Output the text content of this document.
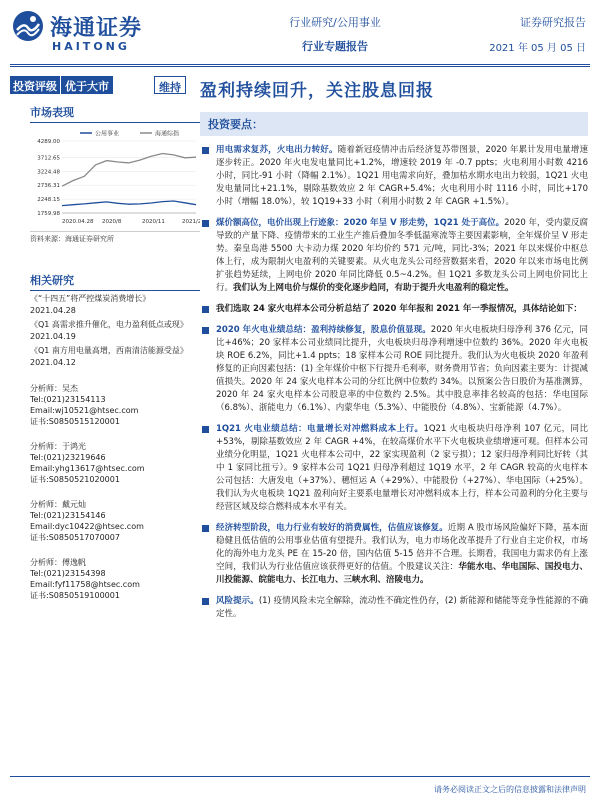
海通证券
HAITONG
行业研究/公用事业
行业专题报告
证券研究报告
2021 年 05 月 05 日
投资评级 优于大市	维持 盈利持续回升，关注股息回报
市场表现
公用事业	海通综指
4289.00
3712.65
3224.48
2736.31
2248.15
1759.98
2020.04.28 2020/8	2020/11	2021/2
资料来源：海通证券研究所
相关研究
《“十四五”将严控煤炭消费增长》
2021.04.28
《Q1 高需求推升催化，电力盈利低点或现》
2021.04.19
《Q1 南方用电量高增，西南清洁能源受益》
2021.04.12
分析师：吴杰
Tel:(021)23154113
Email:wj10521@htsec.com
证书:S0850515120001
分析师：于鸿光
Tel:(021)23219646
Email:yhg13617@htsec.com
证书:S0850521020001
分析师：戴元灿
Tel:(021)23154146
Email:dyc10422@htsec.com
证书:S0850517070007
分析师：傅逸帆
Tel:(021)23154398
Email:fyf11758@htsec.com
证书:S0850519100001
投资要点：
用电需求复苏，火电出力转好。随着新冠疫情冲击后经济复苏带图景，2020 年累计发用电量增速逐步转正。2020 年火电发电量同比+1.2%，增速较 2019 年 -0.7 ppts；火电利用小时数 4216 小时，同比-91 小时（降幅 2.1%）。1Q21 用电需求向好，叠加枯水期水电出力较弱，1Q21 火电发电量同比+21.1%，剔除基数效应 2 年 CAGR+5.4%；火电利用小时 1116 小时，同比+170 小时（增幅 18.0%），较 1Q19+33 小时（利用小时数 2 年 CAGR +1.5%）。
煤价额高位，电价出现上行迹象：2020 年呈 V 形走势，1Q21 处于高位。2020 年，受内蒙反腐导致的产量下降、疫情带来的工业生产推后叠加冬季低温寒流等主要因素影响，全年煤价呈 V 形走势。秦皇岛港 5500 大卡动力煤 2020 年均价约 571 元/吨，同比-3%；2021 年以来煤价中枢总体上行，成为限制火电盈利的关键要素。从火电龙头公司经营数据来看，2020 年以来市场电比例扩张趋势延续，上网电价 2020 年同比降低 0.5~4.2%。但 1Q21 多数龙头公司上网电价同比上行。我们认为上网电价与煤价的变化逐步趋同，有助于提升火电盈利的稳定性。
我们选取 24 家火电样本公司分析总结了 2020 年年报和 2021 年一季报情况，具体结论如下：
2020 年火电业绩总结：盈利持续修复，股息价值显现。2020 年火电板块归母净利 376 亿元，同比+46%；20 家样本公司业绩同比提升，火电板块归母净利增速中位数约 36%。2020 年火电板块 ROE 6.2%，同比+1.4 ppts；18 家样本公司 ROE 同比提升。我们认为火电板块 2020 年盈利修复的正向因素包括：(1) 全年煤价中枢下行提升毛利率，财务费用节省；负向因素主要为：计提减值损失。2020 年 24 家火电样本公司的分红比例中位数约 34%。以预案公告日股价为基准测算，2020 年 24 家火电样本公司股息率的中位数约 2.5%。其中股息率排名较高的包括：华电国际（6.8%）、浙能电力（6.1%）、内蒙华电（5.3%）、中能股份（4.8%）、宝新能源（4.7%）。
1Q21 火电业绩总结：电量增长对冲燃料成本上行。1Q21 火电板块归母净利 107 亿元，同比+53%，剔除基数效应 2 年 CAGR +4%，在较高煤价水平下火电板块业绩增速可观。但样本公司业绩分化明显，1Q21 火电样本公司中，22 家实现盈利（2 家亏损）；12 家归母净利同比好转（其中 1 家同比扭亏）。9 家样本公司 1Q21 归母净利超过 1Q19 水平，2 年 CAGR 较高的火电样本公司包括：大唐发电（+37%）、穗恒运 A（+29%）、中能股份（+27%）、华电国际（+25%）。我们认为火电板块 1Q21 盈利向好主要系电量增长对冲燃料成本上行，样本公司盈利的分化主要与经营区域及综合燃料成本水平有关。
经济转型阶段，电力行业有较好的消费属性，估值应该修复。近期 A 股市场风险偏好下降，基本面稳健且低估值的公用事业估值有望提升。我们认为，电力市场化改革提升了行业自主定价权，市场化的海外电力龙头 PE 在 15-20 倍，国内估值 5-15 倍并不合理。长期看，我国电力需求仍有上涨空间，我们认为行业估值应该获得更好的估值。个股建议关注：华能水电、华电国际、国投电力、川投能源、皖能电力、长江电力、三峡水利、涪陵电力。
风险提示。(1) 疫情风险未完全解除，流动性不确定性仍存，(2) 新能源和储能等竞争性能源的不确定性。
请务必阅读正文之后的信息披露和法律声明
